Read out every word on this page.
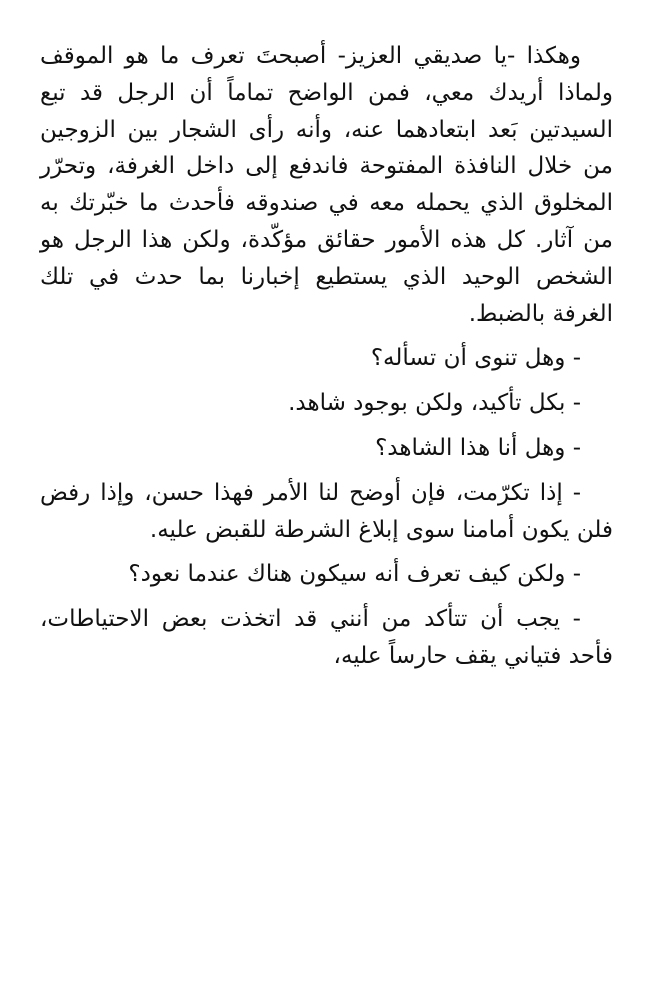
وهكذا -يا صديقي العزيز- أصبحتَ تعرف ما هو الموقف ولماذا أريدك معي، فمن الواضح تماماً أن الرجل قد تبع السيدتين بَعد ابتعادهما عنه، وأنه رأى الشجار بين الزوجين من خلال النافذة المفتوحة فاندفع إلى داخل الغرفة، وتحرّر المخلوق الذي يحمله معه في صندوقه فأحدث ما خبّرتك به من آثار. كل هذه الأمور حقائق مؤكّدة، ولكن هذا الرجل هو الشخص الوحيد الذي يستطيع إخبارنا بما حدث في تلك الغرفة بالضبط.

- وهل تنوى أن تسأله؟

- بكل تأكيد، ولكن بوجود شاهد.

- وهل أنا هذا الشاهد؟

- إذا تكرّمت، فإن أوضح لنا الأمر فهذا حسن، وإذا رفض فلن يكون أمامنا سوى إبلاغ الشرطة للقبض عليه.

- ولكن كيف تعرف أنه سيكون هناك عندما نعود؟

- يجب أن تتأكد من أنني قد اتخذت بعض الاحتياطات، فأحد فتياني يقف حارساً عليه،
